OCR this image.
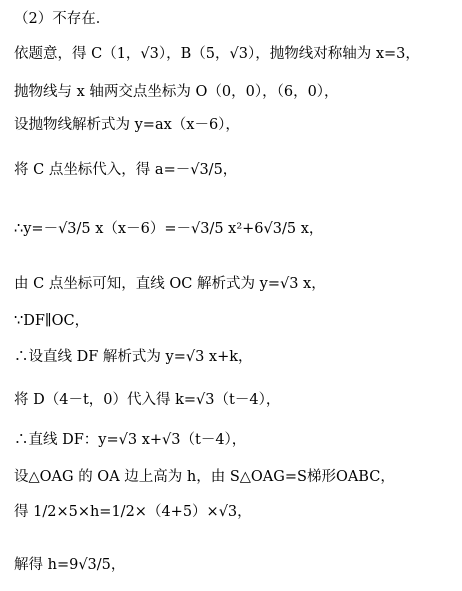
（2）不存在．
依题意，得 C（1，√3），B（5，√3），抛物线对称轴为 x=3，
抛物线与 x 轴两交点坐标为 O（0，0），（6，0），
设抛物线解析式为 y=ax（x－6），
将 C 点坐标代入，得 a=－√3/5，
∴y=－√3/5 x（x－6）=－√3/5 x²+6√3/5 x，
由 C 点坐标可知，直线 OC 解析式为 y=√3 x，
∵DF∥OC，
∴设直线 DF 解析式为 y=√3 x+k，
将 D（4－t，0）代入得 k=√3（t－4），
∴直线 DF：y=√3 x+√3（t－4），
设△OAG 的 OA 边上高为 h，由 S△OAG=S梯形OABC，
得 1/2×5×h=1/2×（4+5）×√3，
解得 h=9√3/5，
